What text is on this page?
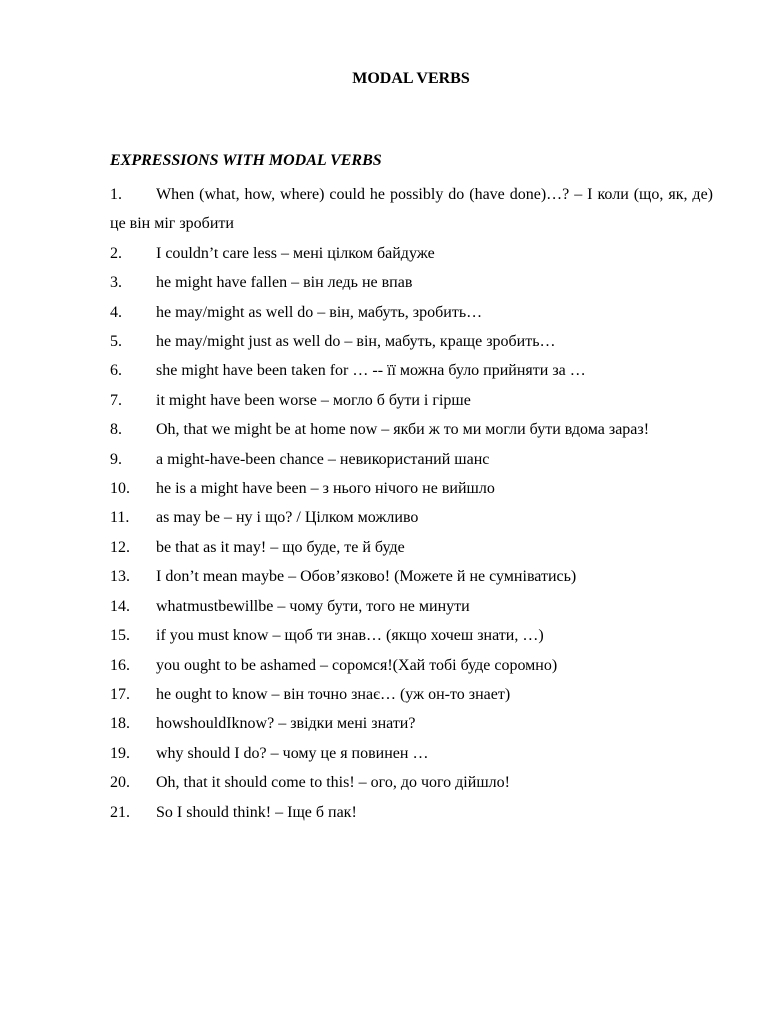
MODAL VERBS
EXPRESSIONS WITH MODAL VERBS
1. When (what, how, where) could he possibly do (have done)…? – І коли (що, як, де) це він міг зробити
2. I couldn’t care less – мені цілком байдуже
3. he might have fallen – він ледь не впав
4. he may/might as well do – він, мабуть, зробить…
5. he may/might just as well do – він, мабуть, краще зробить…
6. she might have been taken for … -- її можна було прийняти за …
7. it might have been worse – могло б бути і гірше
8. Oh, that we might be at home now – якби ж то ми могли бути вдома зараз!
9. a might-have-been chance – невикористаний шанс
10. he is a might have been – з нього нічого не вийшло
11. as may be – ну і що? / Цілком можливо
12. be that as it may! – що буде, те й буде
13. I don’t mean maybe – Обов’язково! (Можете й не сумніватись)
14. whatmustbewillbe – чому бути, того не минути
15. if you must know – щоб ти знав… (якщо хочеш знати, …)
16. you ought to be ashamed – соромся!(Хай тобі буде соромно)
17. he ought to know – він точно знає… (уж он-то знает)
18. howshouldIknow? – звідки мені знати?
19. why should I do? – чому це я повинен …
20. Oh, that it should come to this! – ого, до чого дійшло!
21. So I should think! – Іще б пак!
